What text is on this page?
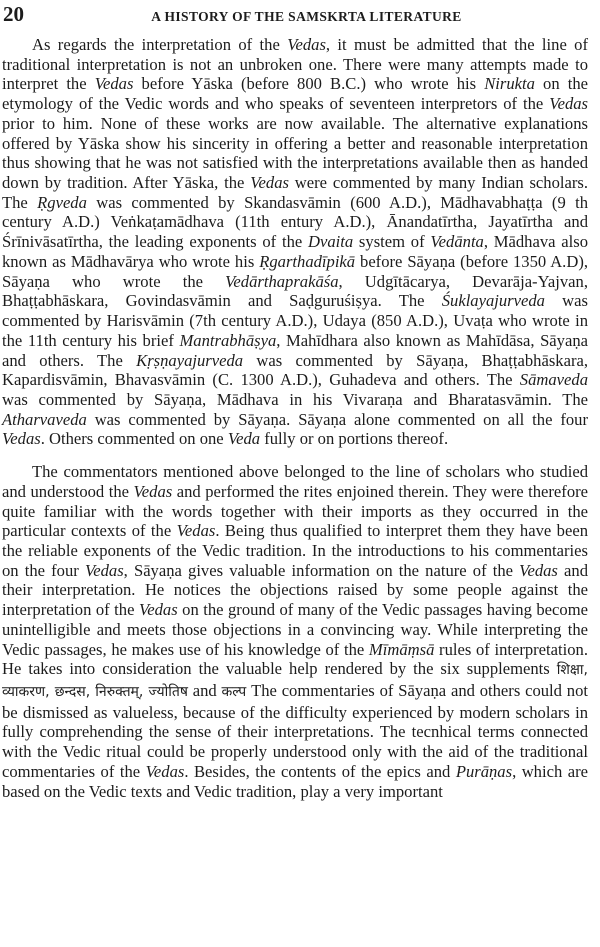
20	A HISTORY OF THE SAMSKRTA LITERATURE

As regards the interpretation of the Vedas, it must be admitted that the line of traditional interpretation is not an unbroken one. There were many attempts made to interpret the Vedas before Yāska (before 800 B.C.) who wrote his Nirukta on the etymology of the Vedic words and who speaks of seventeen interpretors of the Vedas prior to him. None of these works are now available. The alternative explanations offered by Yāska show his sincerity in offering a better and reasonable interpretation thus showing that he was not satisfied with the interpretations available then as handed down by tradition. After Yāska, the Vedas were commented by many Indian scholars. The Ṛgveda was commented by Skandasvāmin (600 A.D.), Mādhavabhaṭṭa (9 th century A.D.) Veṅkaṭamādhava (11th entury A.D.), Ānandatīrtha, Jayatīrtha and Śrīnivāsatīrtha, the leading exponents of the Dvaita system of Vedānta, Mādhava also known as Mādhavārya who wrote his Ṛgarthadīpikā before Sāyaṇa (before 1350 A.D), Sāyaṇa who wrote the Vedārthaprakāśa, Udgītācarya, Devarāja-Yajvan, Bhaṭṭabhāskara, Govindasvāmin and Saḍguruśiṣya. The Śuklayajurveda was commented by Harisvāmin (7th century A.D.), Udaya (850 A.D.), Uvaṭa who wrote in the 11th century his brief Mantrabhāṣya, Mahīdhara also known as Mahīdāsa, Sāyaṇa and others. The Kṛṣṇayajurveda was commented by Sāyaṇa, Bhaṭṭabhāskara, Kapardisvāmin, Bhavasvāmin (C. 1300 A.D.), Guhadeva and others. The Sāmaveda was commented by Sāyaṇa, Mādhava in his Vivaraṇa and Bharatasvāmin. The Atharvaveda was commented by Sāyaṇa. Sāyaṇa alone commented on all the four Vedas. Others commented on one Veda fully or on portions thereof.

The commentators mentioned above belonged to the line of scholars who studied and understood the Vedas and performed the rites enjoined therein. They were therefore quite familiar with the words together with their imports as they occurred in the particular contexts of the Vedas. Being thus qualified to interpret them they have been the reliable exponents of the Vedic tradition. In the introductions to his commentaries on the four Vedas, Sāyaṇa gives valuable information on the nature of the Vedas and their interpretation. He notices the objections raised by some people against the interpretation of the Vedas on the ground of many of the Vedic passages having become unintelligible and meets those objections in a convincing way. While interpreting the Vedic passages, he makes use of his knowledge of the Mīmāṃsā rules of interpretation. He takes into consideration the valuable help rendered by the six supplements शिक्षा, व्याकरण, छन्दस, निरुक्तम्, ज्योतिष and कल्प The commentaries of Sāyaṇa and others could not be dismissed as valueless, because of the difficulty experienced by modern scholars in fully comprehending the sense of their interpretations. The tecnhical terms connected with the Vedic ritual could be properly understood only with the aid of the traditional commentaries of the Vedas. Besides, the contents of the epics and Purāṇas, which are based on the Vedic texts and Vedic tradition, play a very important
